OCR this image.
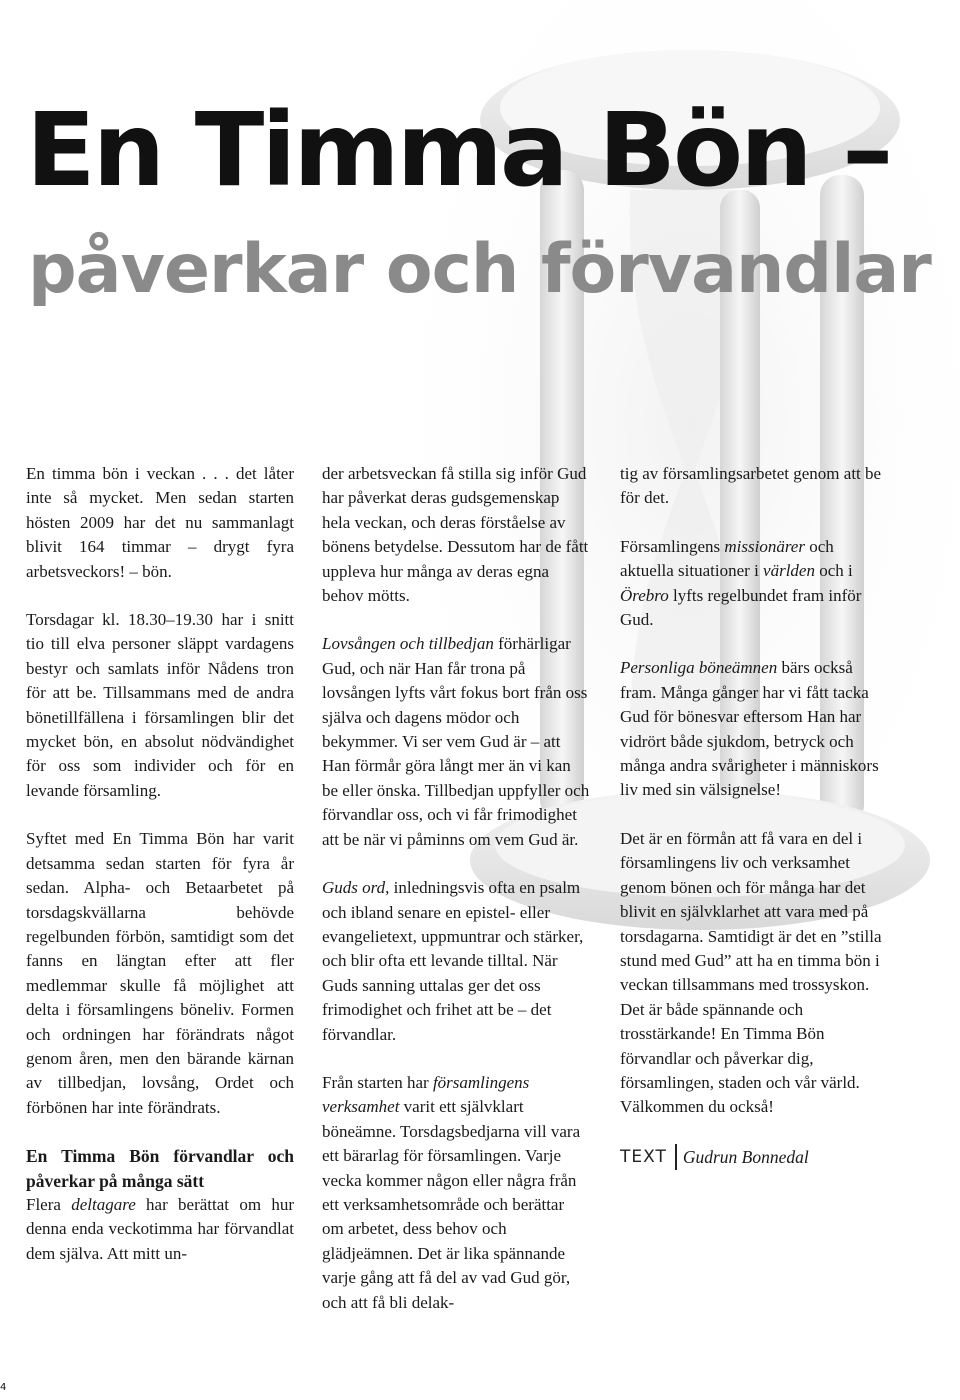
En Timma Bön –
påverkar och förvandlar

En timma bön i veckan . . . det låter inte så mycket. Men sedan starten hösten 2009 har det nu sammanlagt blivit 164 timmar – drygt fyra arbetsveckors! – bön.

Torsdagar kl. 18.30–19.30 har i snitt tio till elva personer släppt vardagens bestyr och samlats inför Nådens tron för att be. Tillsammans med de andra bönetillfällena i församlingen blir det mycket bön, en absolut nödvändighet för oss som individer och för en levande församling.

Syftet med En Timma Bön har varit detsamma sedan starten för fyra år sedan. Alpha- och Betaarbetet på torsdagskvällarna behövde regelbunden förbön, samtidigt som det fanns en längtan efter att fler medlemmar skulle få möjlighet att delta i församlingens böneliv. Formen och ordningen har förändrats något genom åren, men den bärande kärnan av tillbedjan, lovsång, Ordet och förbönen har inte förändrats.

En Timma Bön förvandlar och påverkar på många sätt

Flera deltagare har berättat om hur denna enda veckotimma har förvandlat dem själva. Att mitt un-

der arbetsveckan få stilla sig inför Gud har påverkat deras gudsgemenskap hela veckan, och deras förståelse av bönens betydelse. Dessutom har de fått uppleva hur många av deras egna behov mötts.

Lovsången och tillbedjan förhärligar Gud, och när Han får trona på lovsången lyfts vårt fokus bort från oss själva och dagens mödor och bekymmer. Vi ser vem Gud är – att Han förmår göra långt mer än vi kan be eller önska. Tillbedjan uppfyller och förvandlar oss, och vi får frimodighet att be när vi påminns om vem Gud är.

Guds ord, inledningsvis ofta en psalm och ibland senare en epistel- eller evangelietext, uppmuntrar och stärker, och blir ofta ett levande tilltal. När Guds sanning uttalas ger det oss frimodighet och frihet att be – det förvandlar.

Från starten har församlingens verksamhet varit ett självklart böneämne. Torsdagsbedjarna vill vara ett bärarlag för församlingen. Varje vecka kommer någon eller några från ett verksamhetsområde och berättar om arbetet, dess behov och glädjeämnen. Det är lika spännande varje gång att få del av vad Gud gör, och att få bli delak-

tig av församlingsarbetet genom att be för det.

Församlingens missionärer och aktuella situationer i världen och i Örebro lyfts regelbundet fram inför Gud.

Personliga böneämnen bärs också fram. Många gånger har vi fått tacka Gud för bönesvar eftersom Han har vidrört både sjukdom, betryck och många andra svårigheter i människors liv med sin välsignelse!

Det är en förmån att få vara en del i församlingens liv och verksamhet genom bönen och för många har det blivit en självklarhet att vara med på torsdagarna. Samtidigt är det en ”stilla stund med Gud” att ha en timma bön i veckan tillsammans med trossyskon. Det är både spännande och trosstärkande! En Timma Bön förvandlar och påverkar dig, församlingen, staden och vår värld. Välkommen du också!

TEXT Gudrun Bonnedal
4
